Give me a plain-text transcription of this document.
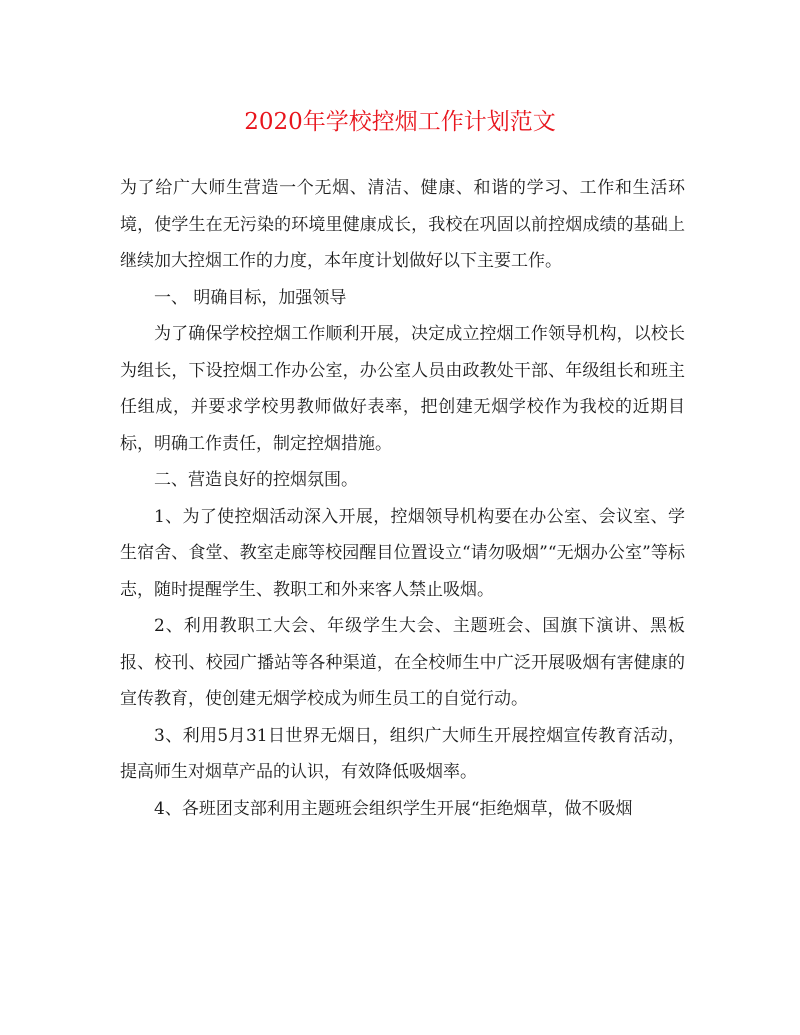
2020年学校控烟工作计划范文

为了给广大师生营造一个无烟、清洁、健康、和谐的学习、工作和生活环境，使学生在无污染的环境里健康成长，我校在巩固以前控烟成绩的基础上继续加大控烟工作的力度，本年度计划做好以下主要工作。

一、 明确目标，加强领导

为了确保学校控烟工作顺利开展，决定成立控烟工作领导机构，以校长为组长，下设控烟工作办公室，办公室人员由政教处干部、年级组长和班主任组成，并要求学校男教师做好表率，把创建无烟学校作为我校的近期目标，明确工作责任，制定控烟措施。

二、营造良好的控烟氛围。

1、为了使控烟活动深入开展，控烟领导机构要在办公室、会议室、学生宿舍、食堂、教室走廊等校园醒目位置设立“请勿吸烟”“无烟办公室”等标志，随时提醒学生、教职工和外来客人禁止吸烟。

2、利用教职工大会、年级学生大会、主题班会、国旗下演讲、黑板报、校刊、校园广播站等各种渠道，在全校师生中广泛开展吸烟有害健康的宣传教育，使创建无烟学校成为师生员工的自觉行动。

3、利用5月31日世界无烟日，组织广大师生开展控烟宣传教育活动，提高师生对烟草产品的认识，有效降低吸烟率。

4、各班团支部利用主题班会组织学生开展“拒绝烟草，做不吸烟
